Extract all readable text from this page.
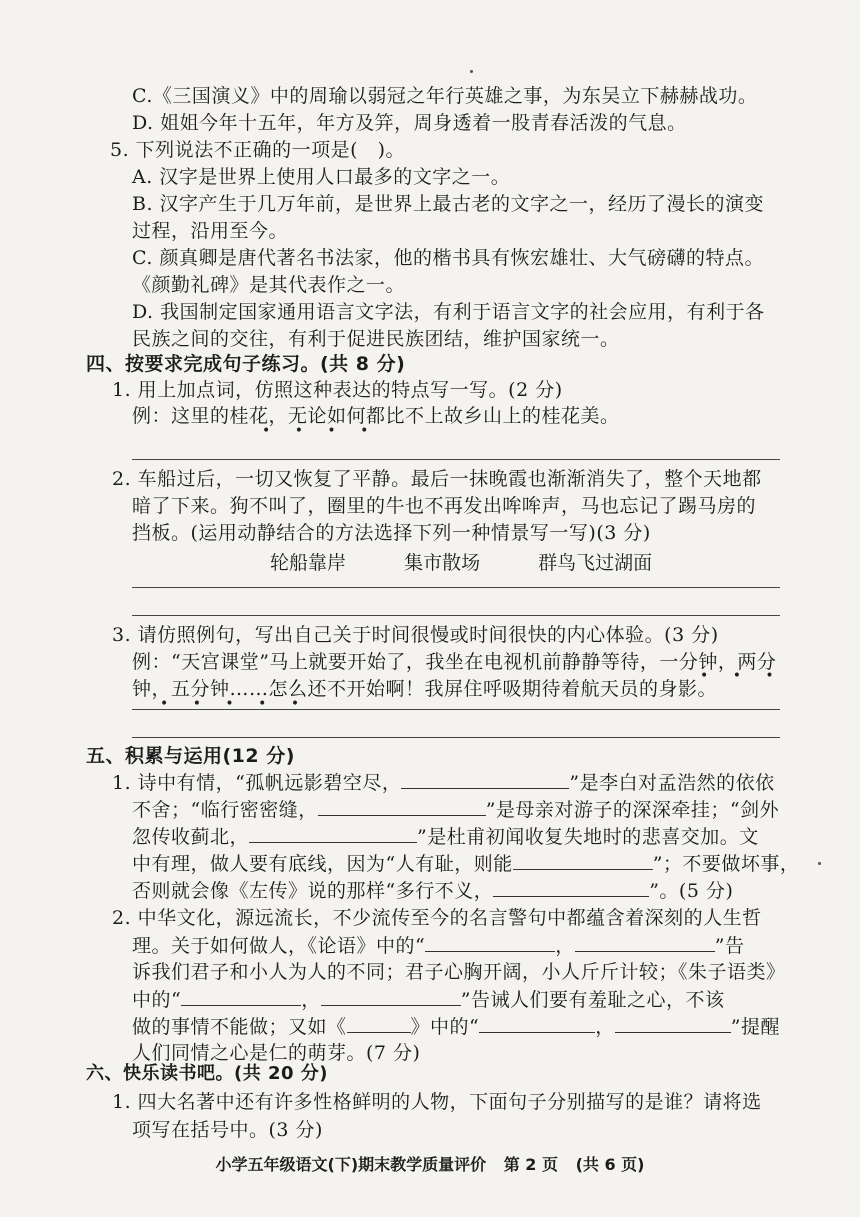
C.《三国演义》中的周瑜以弱冠之年行英雄之事，为东吴立下赫赫战功。
D. 姐姐今年十五年，年方及笄，周身透着一股青春活泼的气息。
5. 下列说法不正确的一项是(　)。
A. 汉字是世界上使用人口最多的文字之一。
B. 汉字产生于几万年前，是世界上最古老的文字之一，经历了漫长的演变
过程，沿用至今。
C. 颜真卿是唐代著名书法家，他的楷书具有恢宏雄壮、大气磅礴的特点。
《颜勤礼碑》是其代表作之一。
D. 我国制定国家通用语言文字法，有利于语言文字的社会应用，有利于各
民族之间的交往，有利于促进民族团结，维护国家统一。
四、按要求完成句子练习。(共 8 分)
1. 用上加点词，仿照这种表达的特点写一写。(2 分)
例：这里的桂花，无论如何都比不上故乡山上的桂花美。
• • • •
2. 车船过后，一切又恢复了平静。最后一抹晚霞也渐渐消失了，整个天地都
暗了下来。狗不叫了，圈里的牛也不再发出哞哞声，马也忘记了踢马房的
挡板。(运用动静结合的方法选择下列一种情景写一写)(3 分)
轮船靠岸	集市散场	群鸟飞过湖面
3. 请仿照例句，写出自己关于时间很慢或时间很快的内心体验。(3 分)
例：“天宫课堂”马上就要开始了，我坐在电视机前静静等待，一分钟，两分
钟，五分钟……怎么还不开始啊！我屏住呼吸期待着航天员的身影。
• • • • •
• • •
五、积累与运用(12 分)
1. 诗中有情，“孤帆远影碧空尽，	”是李白对孟浩然的依依
不舍；“临行密密缝，	”是母亲对游子的深深牵挂；“剑外
忽传收蓟北，	”是杜甫初闻收复失地时的悲喜交加。文
中有理，做人要有底线，因为“人有耻，则能	”；不要做坏事，
否则就会像《左传》说的那样“多行不义，	”。(5 分)
2. 中华文化，源远流长，不少流传至今的名言警句中都蕴含着深刻的人生哲
理。关于如何做人，《论语》中的“	，	”告
诉我们君子和小人为人的不同；君子心胸开阔，小人斤斤计较；《朱子语类》
中的“	，	”告诫人们要有羞耻之心，不该
做的事情不能做；又如《	》中的“	，	”提醒
人们同情之心是仁的萌芽。(7 分)
六、快乐读书吧。(共 20 分)
小学五年级语文(下)期末教学质量评价 第 2 页 (共 6 页)
1. 四大名著中还有许多性格鲜明的人物，下面句子分别描写的是谁？请将选
项写在括号中。(3 分)
